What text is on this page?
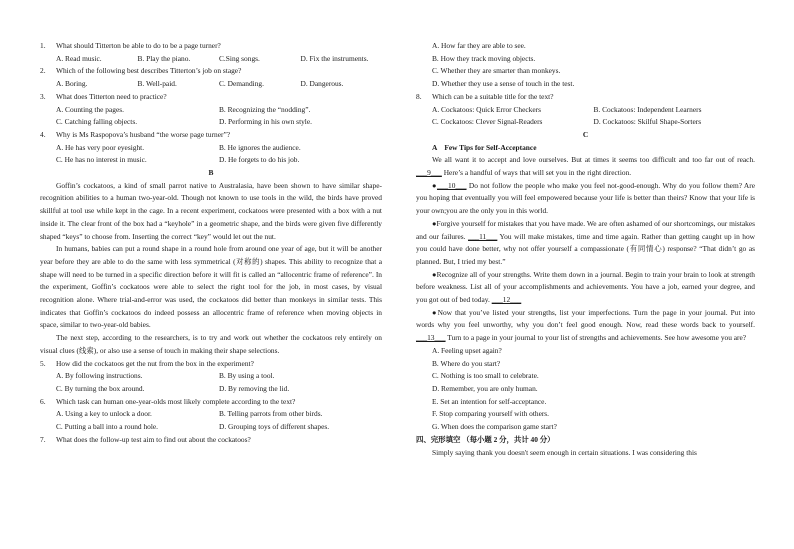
1.	What should Titterton be able to do to be a page turner?
A. Read music.	B. Play the piano.	C.Sing songs.	D. Fix the instruments.
2.	Which of the following best describes Titterton’s job on stage?
A. Boring.	B. Well-paid.	C. Demanding.	D. Dangerous.
3.	What does Titterton need to practice?
A. Counting the pages.	B. Recognizing the “nodding”.
C. Catching falling objects.	D. Performing in his own style.
4.	Why is Ms Raspopova’s husband “the worse page turner”?
A. He has very poor eyesight.	B. He ignores the audience.
C. He has no interest in music.	D. He forgets to do his job.
B
Goffin’s cockatoos, a kind of small parrot native to Australasia, have been shown to have similar shape-recognition abilities to a human two-year-old. Though not known to use tools in the wild, the birds have proved skillful at tool use while kept in the cage. In a recent experiment, cockatoos were presented with a box with a nut inside it. The clear front of the box had a “keyhole” in a geometric shape, and the birds were given five differently shaped “keys” to choose from. Inserting the correct “key” would let out the nut.
In humans, babies can put a round shape in a round hole from around one year of age, but it will be another year before they are able to do the same with less symmetrical (对称的) shapes. This ability to recognize that a shape will need to be turned in a specific direction before it will fit is called an “allocentric frame of reference”. In the experiment, Goffin’s cockatoos were able to select the right tool for the job, in most cases, by visual recognition alone. Where trial-and-error was used, the cockatoos did better than monkeys in similar tests. This indicates that Goffin’s cockatoos do indeed possess an allocentric frame of reference when moving objects in space, similar to two-year-old babies.
The next step, according to the researchers, is to try and work out whether the cockatoos rely entirely on visual clues (线索), or also use a sense of touch in making their shape selections.
5.	How did the cockatoos get the nut from the box in the experiment?
A. By following instructions.	B. By using a tool.
C. By turning the box around.	D. By removing the lid.
6.	Which task can human one-year-olds most likely complete according to the text?
A. Using a key to unlock a door.	B. Telling parrots from other birds.
C. Putting a ball into a round hole.	D. Grouping toys of different shapes.
7.	What does the follow-up test aim to find out about the cockatoos?
A. How far they are able to see.
B. How they track moving objects.
C. Whether they are smarter than monkeys.
D. Whether they use a sense of touch in the test.
8.	Which can be a suitable title for the text?
A. Cockatoos: Quick Error Checkers	B. Cockatoos: Independent Learners
C. Cockatoos: Clever Signal-Readers	D. Cockatoos: Skilful Shape-Sorters
C
A　Few Tips for Self-Acceptance
We all want it to accept and love ourselves. But at times it seems too difficult and too far out of reach. ___9___ Here’s a handful of ways that will set you in the right direction.
●___10___ Do not follow the people who make you feel not-good-enough. Why do you follow them? Are you hoping that eventually you will feel empowered because your life is better than theirs? Know that your life is your own;you are the only you in this world.
●Forgive yourself for mistakes that you have made. We are often ashamed of our shortcomings, our mistakes and our failures. ___11___ You will make mistakes, time and time again. Rather than getting caught up in how you could have done better, why not offer yourself a compassionate (有同情心) response? “That didn’t go as planned. But, I tried my best.”
●Recognize all of your strengths. Write them down in a journal. Begin to train your brain to look at strength before weakness. List all of your accomplishments and achievements. You have a job, earned your degree, and you got out of bed today. ___12___
●Now that you’ve listed your strengths, list your imperfections. Turn the page in your journal. Put into words why you feel unworthy, why you don’t feel good enough. Now, read these words back to yourself. ___13___ Turn to a page in your journal to your list of strengths and achievements. See how awesome you are?
A. Feeling upset again?
B. Where do you start?
C. Nothing is too small to celebrate.
D. Remember, you are only human.
E. Set an intention for self-acceptance.
F. Stop comparing yourself with others.
G. When does the comparison game start?
四、完形填空 （每小题 2 分，共计 40 分）
Simply saying thank you doesn't seem enough in certain situations. I was considering this
